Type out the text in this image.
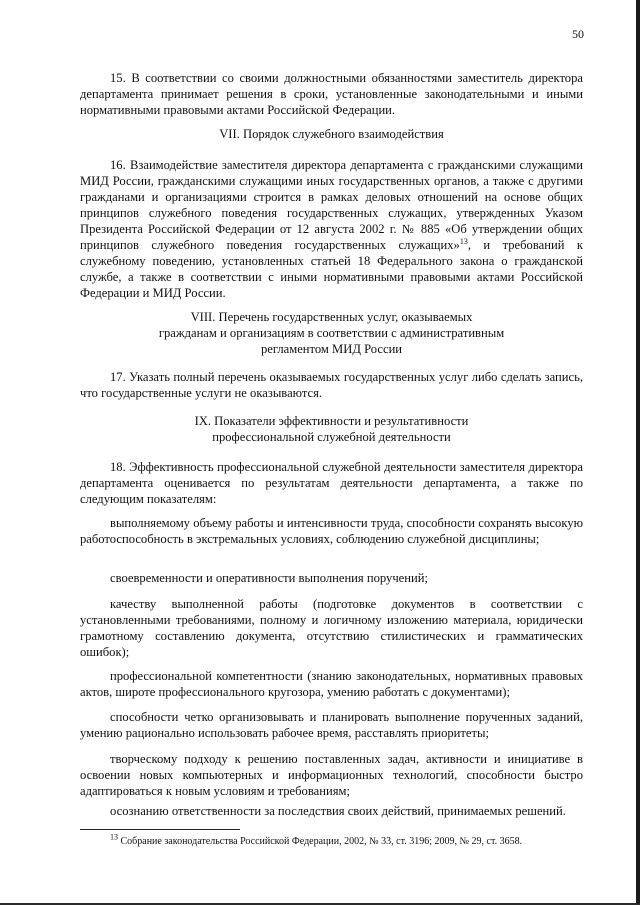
50

15. В соответствии со своими должностными обязанностями заместитель директора департамента принимает решения в сроки, установленные законодательными и иными нормативными правовыми актами Российской Федерации.

VII. Порядок служебного взаимодействия

16. Взаимодействие заместителя директора департамента с гражданскими служащими МИД России, гражданскими служащими иных государственных органов, а также с другими гражданами и организациями строится в рамках деловых отношений на основе общих принципов служебного поведения государственных служащих, утвержденных Указом Президента Российской Федерации от 12 августа 2002 г. № 885 «Об утверждении общих принципов служебного поведения государственных служащих»$^{13}$, и требований к служебному поведению, установленных статьей 18 Федерального закона о гражданской службе, а также в соответствии с иными нормативными правовыми актами Российской Федерации и МИД России.

VIII. Перечень государственных услуг, оказываемых

гражданам и организациям в соответствии с административным

регламентом МИД России

17. Указать полный перечень оказываемых государственных услуг либо сделать запись, что государственные услуги не оказываются.

IX. Показатели эффективности и результативности

профессиональной служебной деятельности

18. Эффективность профессиональной служебной деятельности заместителя директора департамента оценивается по результатам деятельности департамента, а также по следующим показателям:

выполняемому объему работы и интенсивности труда, способности сохранять высокую работоспособность в экстремальных условиях, соблюдению служебной дисциплины;

своевременности и оперативности выполнения поручений;

качеству выполненной работы (подготовке документов в соответствии с установленными требованиями, полному и логичному изложению материала, юридически грамотному составлению документа, отсутствию стилистических и грамматических ошибок);

профессиональной компетентности (знанию законодательных, нормативных правовых актов, широте профессионального кругозора, умению работать с документами);

способности четко организовывать и планировать выполнение порученных заданий, умению рационально использовать рабочее время, расставлять приоритеты;

творческому подходу к решению поставленных задач, активности и инициативе в освоении новых компьютерных и информационных технологий, способности быстро адаптироваться к новым условиям и требованиям;

осознанию ответственности за последствия своих действий, принимаемых решений.

$^{13}$ Собрание законодательства Российской Федерации, 2002, № 33, ст. 3196; 2009, № 29, ст. 3658.
